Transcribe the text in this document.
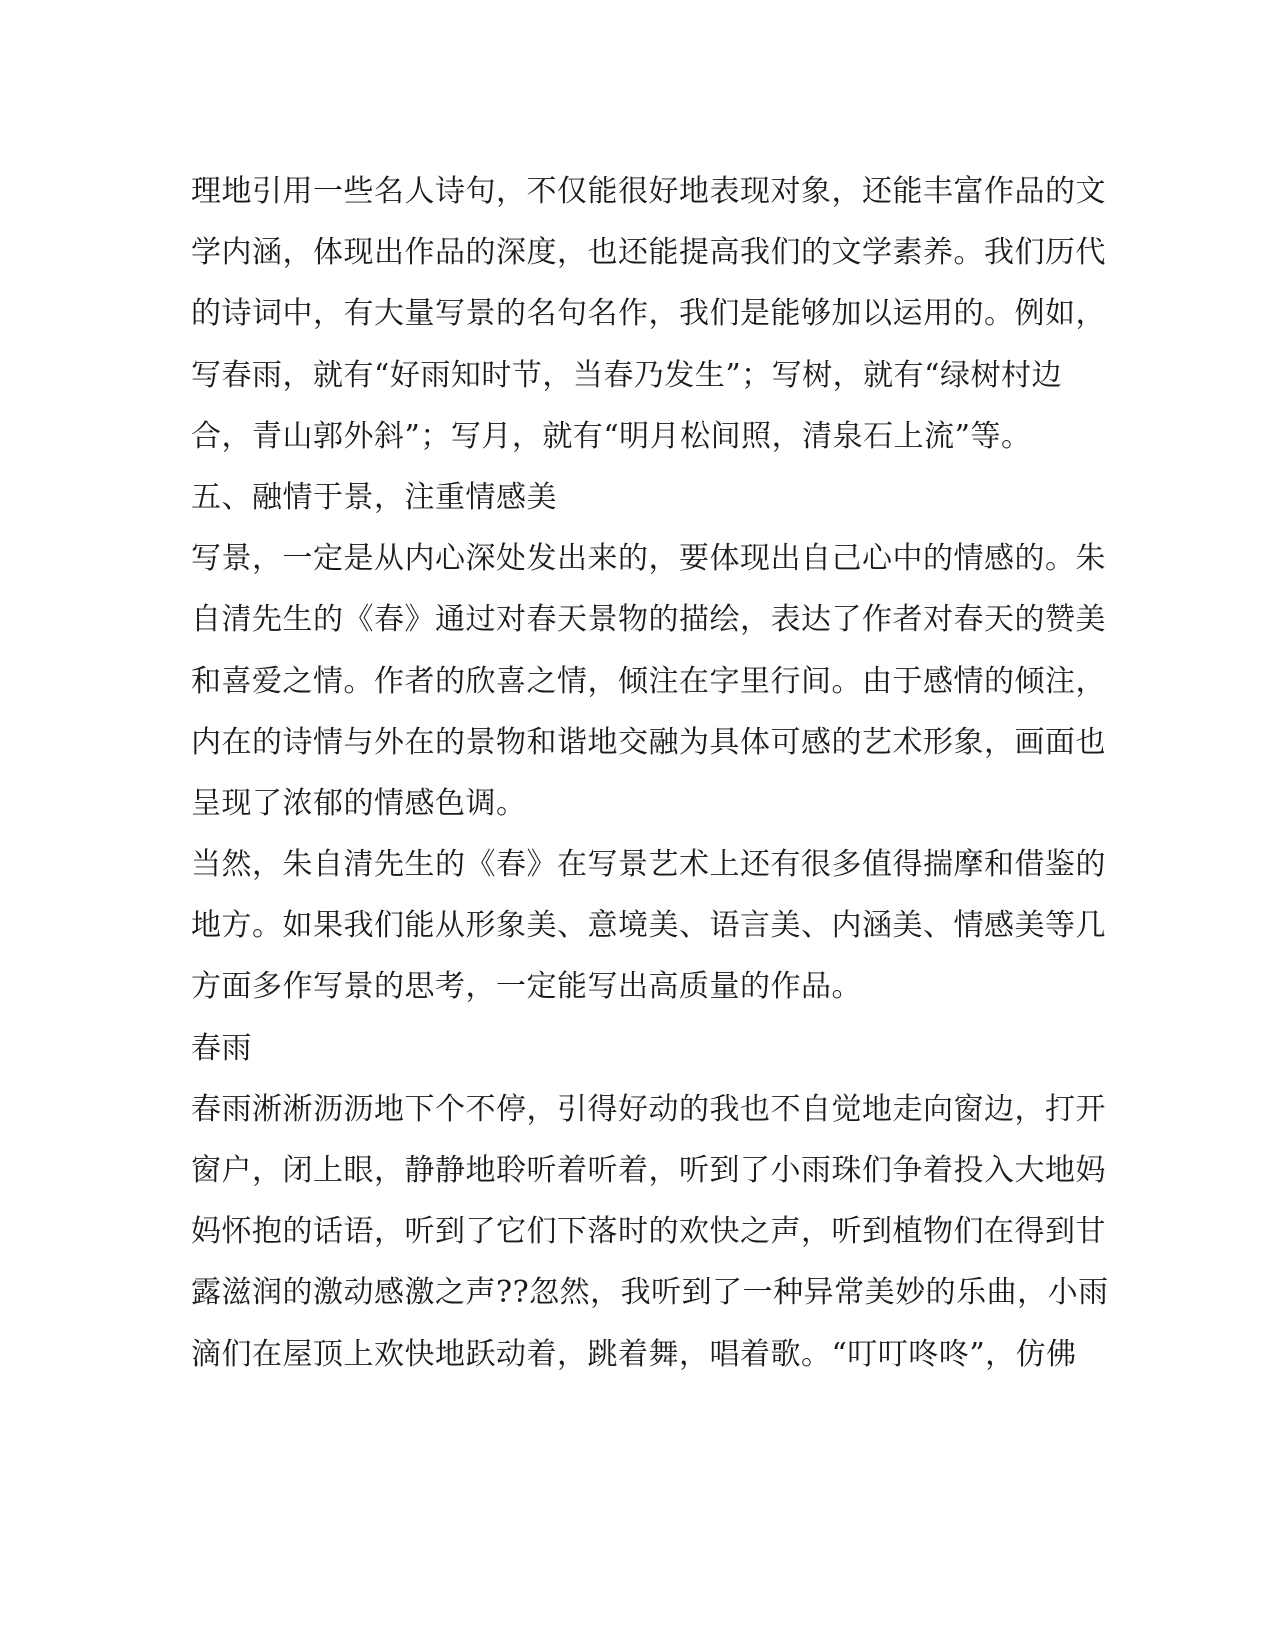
理地引用一些名人诗句，不仅能很好地表现对象，还能丰富作品的文
学内涵，体现出作品的深度，也还能提高我们的文学素养。我们历代
的诗词中，有大量写景的名句名作，我们是能够加以运用的。例如，
写春雨，就有“好雨知时节，当春乃发生”；写树，就有“绿树村边
合，青山郭外斜”；写月，就有“明月松间照，清泉石上流”等。
五、融情于景，注重情感美
写景，一定是从内心深处发出来的，要体现出自己心中的情感的。朱
自清先生的《春》通过对春天景物的描绘，表达了作者对春天的赞美
和喜爱之情。作者的欣喜之情，倾注在字里行间。由于感情的倾注，
内在的诗情与外在的景物和谐地交融为具体可感的艺术形象，画面也
呈现了浓郁的情感色调。
当然，朱自清先生的《春》在写景艺术上还有很多值得揣摩和借鉴的
地方。如果我们能从形象美、意境美、语言美、内涵美、情感美等几
方面多作写景的思考，一定能写出高质量的作品。
春雨
春雨淅淅沥沥地下个不停，引得好动的我也不自觉地走向窗边，打开
窗户，闭上眼，静静地聆听着听着，听到了小雨珠们争着投入大地妈
妈怀抱的话语，听到了它们下落时的欢快之声，听到植物们在得到甘
露滋润的激动感激之声??忽然，我听到了一种异常美妙的乐曲，小雨
滴们在屋顶上欢快地跃动着，跳着舞，唱着歌。“叮叮咚咚”，仿佛
